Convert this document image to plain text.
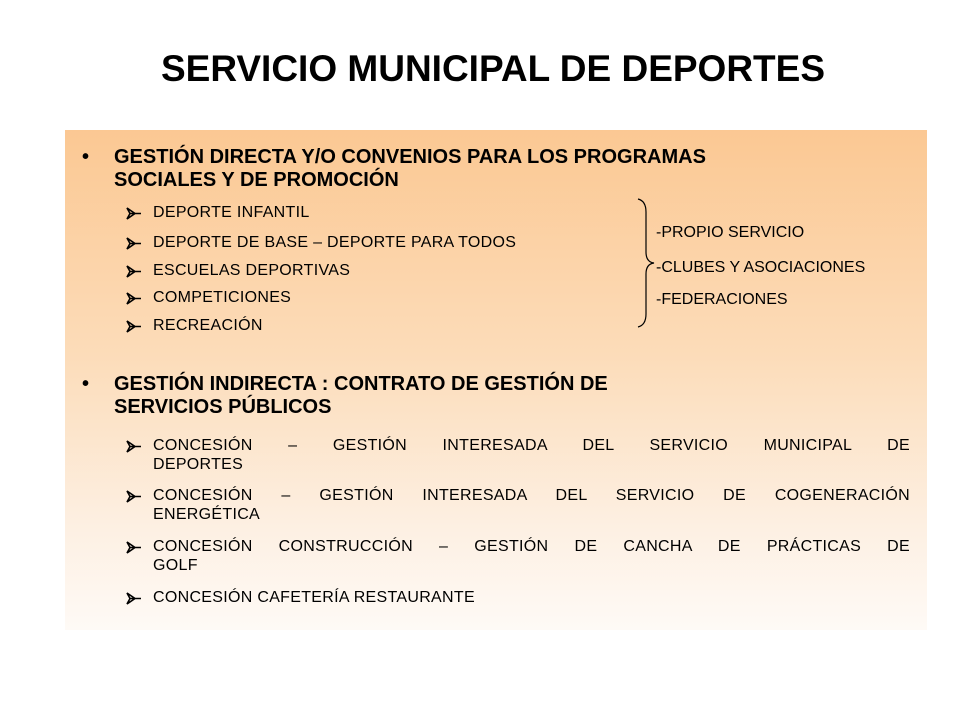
SERVICIO MUNICIPAL DE DEPORTES
• GESTIÓN DIRECTA Y/O CONVENIOS PARA LOS PROGRAMAS
SOCIALES Y DE PROMOCIÓN
DEPORTE INFANTIL
DEPORTE DE BASE – DEPORTE PARA TODOS
ESCUELAS DEPORTIVAS
COMPETICIONES
RECREACIÓN
-PROPIO SERVICIO
-CLUBES Y ASOCIACIONES
-FEDERACIONES
• GESTIÓN INDIRECTA : CONTRATO DE GESTIÓN DE
SERVICIOS PÚBLICOS
CONCESIÓN – GESTIÓN INTERESADA DEL SERVICIO MUNICIPAL DE
DEPORTES
CONCESIÓN – GESTIÓN INTERESADA DEL SERVICIO DE COGENERACIÓN
ENERGÉTICA
CONCESIÓN CONSTRUCCIÓN – GESTIÓN DE CANCHA DE PRÁCTICAS DE
GOLF
CONCESIÓN CAFETERÍA RESTAURANTE
